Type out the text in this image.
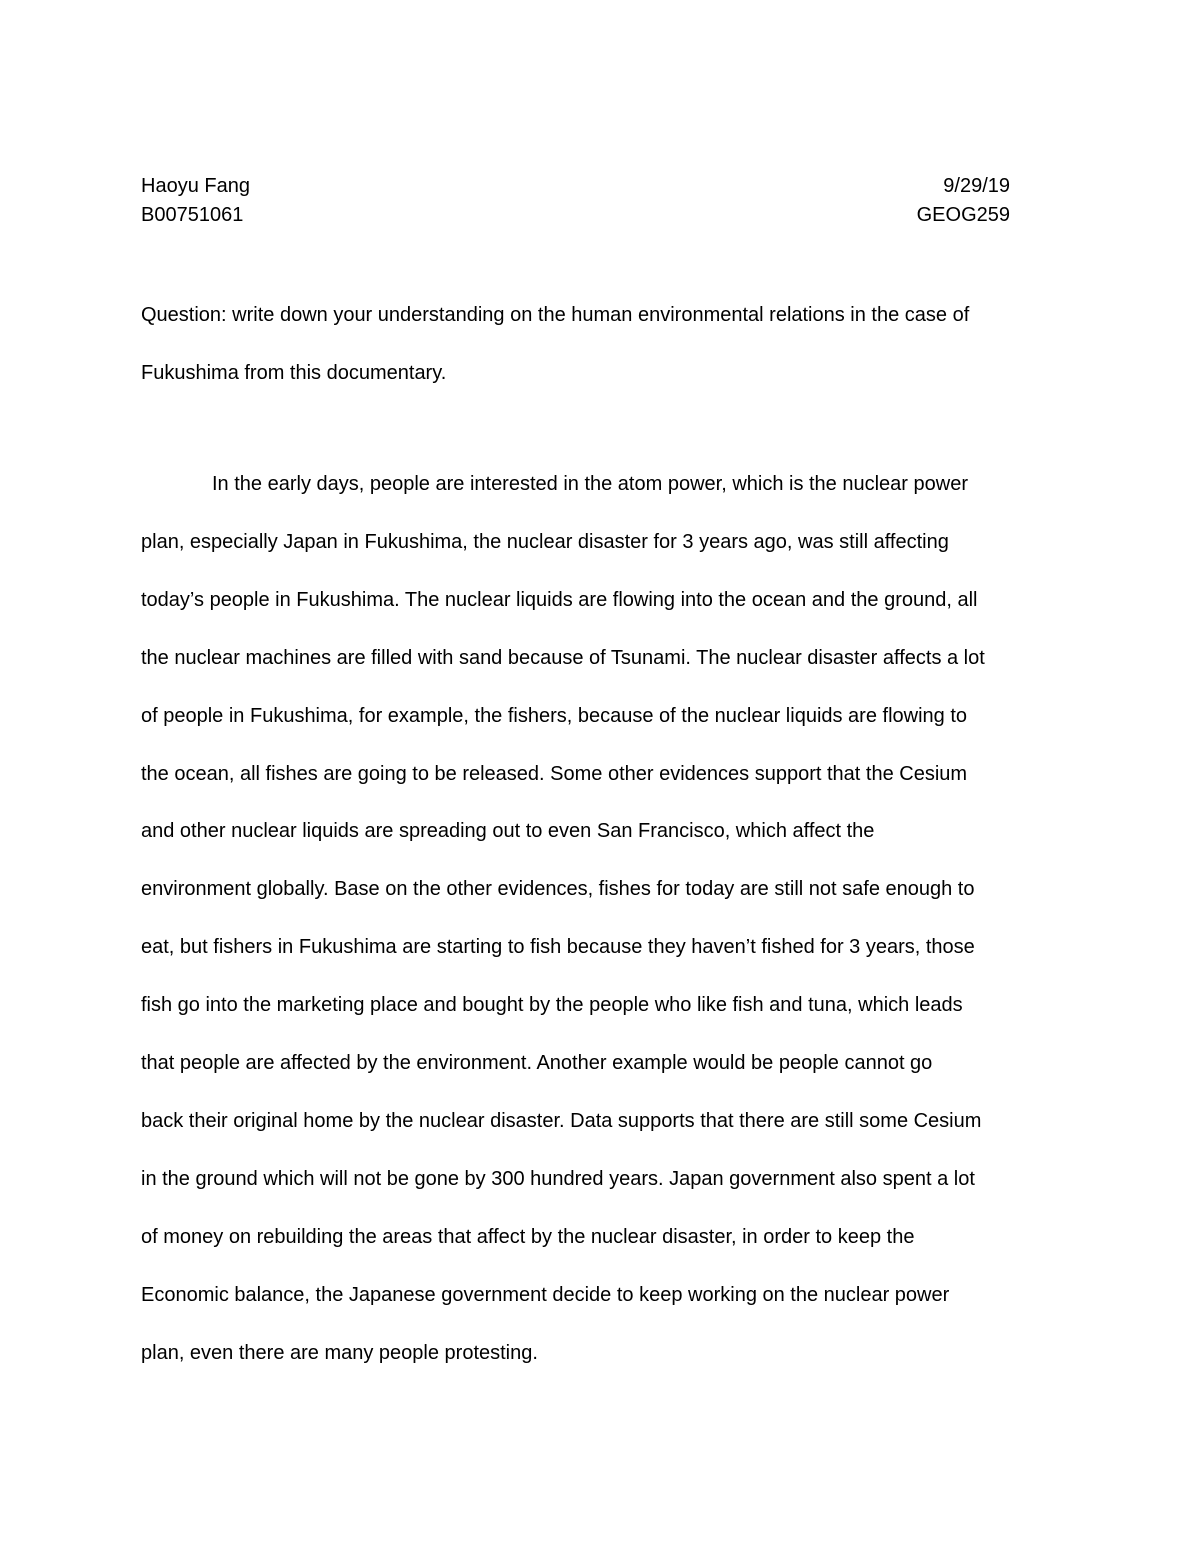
Haoyu Fang	9/29/19
B00751061	GEOG259

Question: write down your understanding on the human environmental relations in the case of
Fukushima from this documentary.

In the early days, people are interested in the atom power, which is the nuclear power
plan, especially Japan in Fukushima, the nuclear disaster for 3 years ago, was still affecting
today’s people in Fukushima. The nuclear liquids are flowing into the ocean and the ground, all
the nuclear machines are filled with sand because of Tsunami. The nuclear disaster affects a lot
of people in Fukushima, for example, the fishers, because of the nuclear liquids are flowing to
the ocean, all fishes are going to be released. Some other evidences support that the Cesium
and other nuclear liquids are spreading out to even San Francisco, which affect the
environment globally. Base on the other evidences, fishes for today are still not safe enough to
eat, but fishers in Fukushima are starting to fish because they haven’t fished for 3 years, those
fish go into the marketing place and bought by the people who like fish and tuna, which leads
that people are affected by the environment. Another example would be people cannot go
back their original home by the nuclear disaster. Data supports that there are still some Cesium
in the ground which will not be gone by 300 hundred years. Japan government also spent a lot
of money on rebuilding the areas that affect by the nuclear disaster, in order to keep the
Economic balance, the Japanese government decide to keep working on the nuclear power
plan, even there are many people protesting.
